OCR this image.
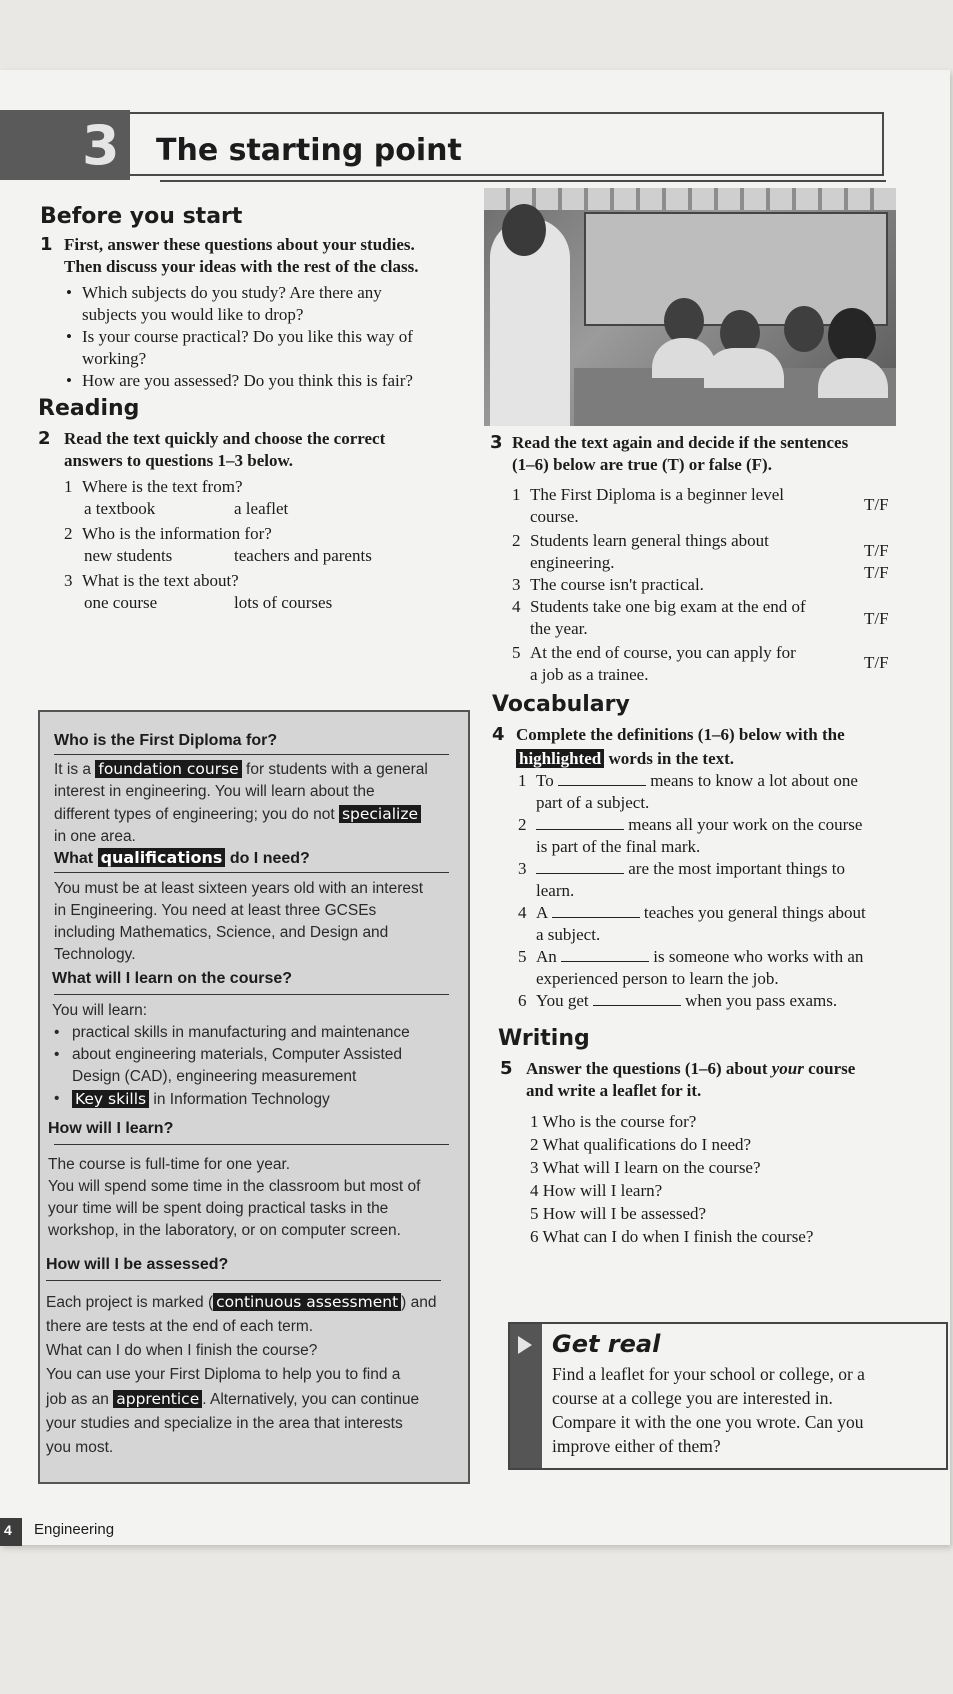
3 The starting point
Before you start
1 First, answer these questions about your studies.
Then discuss your ideas with the rest of the class.
• Which subjects do you study? Are there any
subjects you would like to drop?
• Is your course practical? Do you like this way of
working?
• How are you assessed? Do you think this is fair?
Reading
2 Read the text quickly and choose the correct
answers to questions 1–3 below.
1 Where is the text from?
a textbook	a leaflet
2 Who is the information for?
new students	teachers and parents
3 What is the text about?
one course	lots of courses
Who is the First Diploma for?
It is a foundation course for students with a general
interest in engineering. You will learn about the
different types of engineering; you do not specialize
in one area.
What qualifications do I need?
You must be at least sixteen years old with an interest
in Engineering. You need at least three GCSEs
including Mathematics, Science, and Design and
Technology.
What will I learn on the course?
You will learn:
• practical skills in manufacturing and maintenance
• about engineering materials, Computer Assisted
Design (CAD), engineering measurement
• Key skills in Information Technology
How will I learn?
The course is full-time for one year.
You will spend some time in the classroom but most of
your time will be spent doing practical tasks in the
workshop, in the laboratory, or on computer screen.
How will I be assessed?
Each project is marked ( continuous assessment ) and
there are tests at the end of each term.
What can I do when I finish the course?
You can use your First Diploma to help you to find a
job as an apprentice . Alternatively, you can continue
your studies and specialize in the area that interests
you most.
3 Read the text again and decide if the sentences
(1–6) below are true (T) or false (F).
1 The First Diploma is a beginner level
course.
T/F
2 Students learn general things about
engineering.
T/F
3 The course isn't practical.
T/F
4 Students take one big exam at the end of
the year.
T/F
5 At the end of course, you can apply for
a job as a trainee.
T/F
Vocabulary
4 Complete the definitions (1–6) below with the
highlighted words in the text.
1 To	means to know a lot about one
part of a subject.
2	means all your work on the course
is part of the final mark.
3	are the most important things to
learn.
4 A	teaches you general things about
a subject.
5 An	is someone who works with an
experienced person to learn the job.
6 You get	when you pass exams.
Writing
5 Answer the questions (1–6) about your course
and write a leaflet for it.
1 Who is the course for?
2 What qualifications do I need?
3 What will I learn on the course?
4 How will I learn?
5 How will I be assessed?
6 What can I do when I finish the course?
Get real
Find a leaflet for your school or college, or a
course at a college you are interested in.
Compare it with the one you wrote. Can you
improve either of them?
4 Engineering
